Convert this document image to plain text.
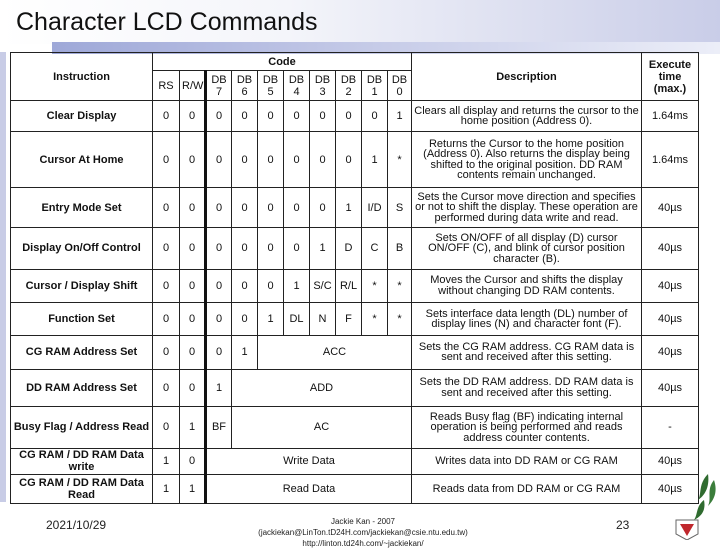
Character LCD Commands
Instruction	Code										Description	Execute time (max.)
	RS	R/W	DB 7	DB 6	DB 5	DB 4	DB 3	DB 2	DB 1	DB 0		
Clear Display	0	0	0	0	0	0	0	0	0	1	Clears all display and returns the cursor to the home position (Address 0).	1.64ms
Cursor At Home	0	0	0	0	0	0	0	0	1	*	Returns the Cursor to the home position (Address 0). Also returns the display being shifted to the original position. DD RAM contents remain unchanged.	1.64ms
Entry Mode Set	0	0	0	0	0	0	0	1	I/D	S	Sets the Cursor move direction and specifies or not to shift the display. These operation are performed during data write and read.	40µs
Display On/Off Control	0	0	0	0	0	0	1	D	C	B	Sets ON/OFF of all display (D) cursor ON/OFF (C), and blink of cursor position character (B).	40µs
Cursor / Display Shift	0	0	0	0	0	1	S/C	R/L	*	*	Moves the Cursor and shifts the display without changing DD RAM contents.	40µs
Function Set	0	0	0	0	1	DL	N	F	*	*	Sets interface data length (DL) number of display lines (N) and character font (F).	40µs
CG RAM Address Set	0	0	0	1	ACC						Sets the CG RAM address. CG RAM data is sent and received after this setting.	40µs
DD RAM Address Set	0	0	1	ADD							Sets the DD RAM address. DD RAM data is sent and received after this setting.	40µs
Busy Flag / Address Read	0	1	BF	AC							Reads Busy flag (BF) indicating internal operation is being performed and reads address counter contents.	-
CG RAM / DD RAM Data write	1	0	Write Data								Writes data into DD RAM or CG RAM	40µs
CG RAM / DD RAM Data Read	1	1	Read Data								Reads data from DD RAM or CG RAM	40µs
2021/10/29	Jackie Kan - 2007 (jackiekan@LinTon.tD24H.com/jackiekan@csie.ntu.edu.tw)
http://linton.td24h.com/~jackiekan/
23
